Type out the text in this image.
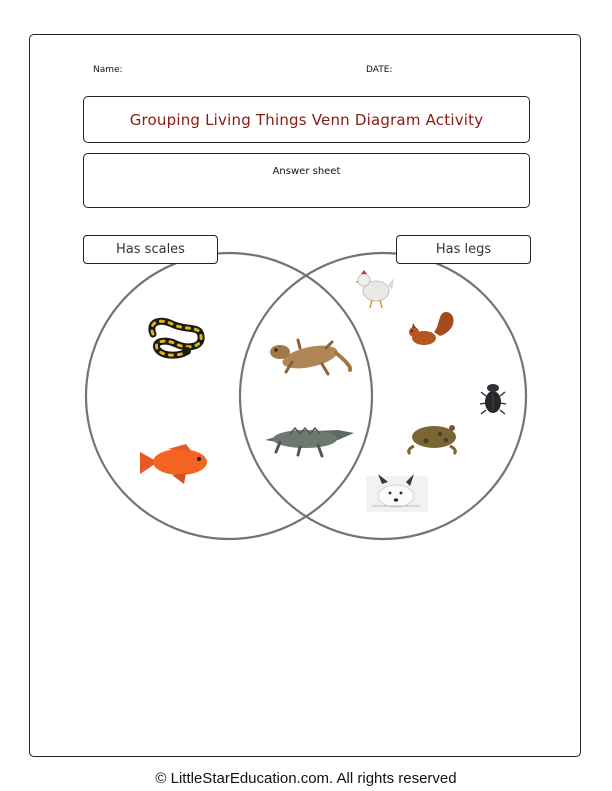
Name:	DATE:
Grouping Living Things Venn Diagram Activity
Answer sheet
Has scales	Has legs
© LittleStarEducation.com. All rights reserved
